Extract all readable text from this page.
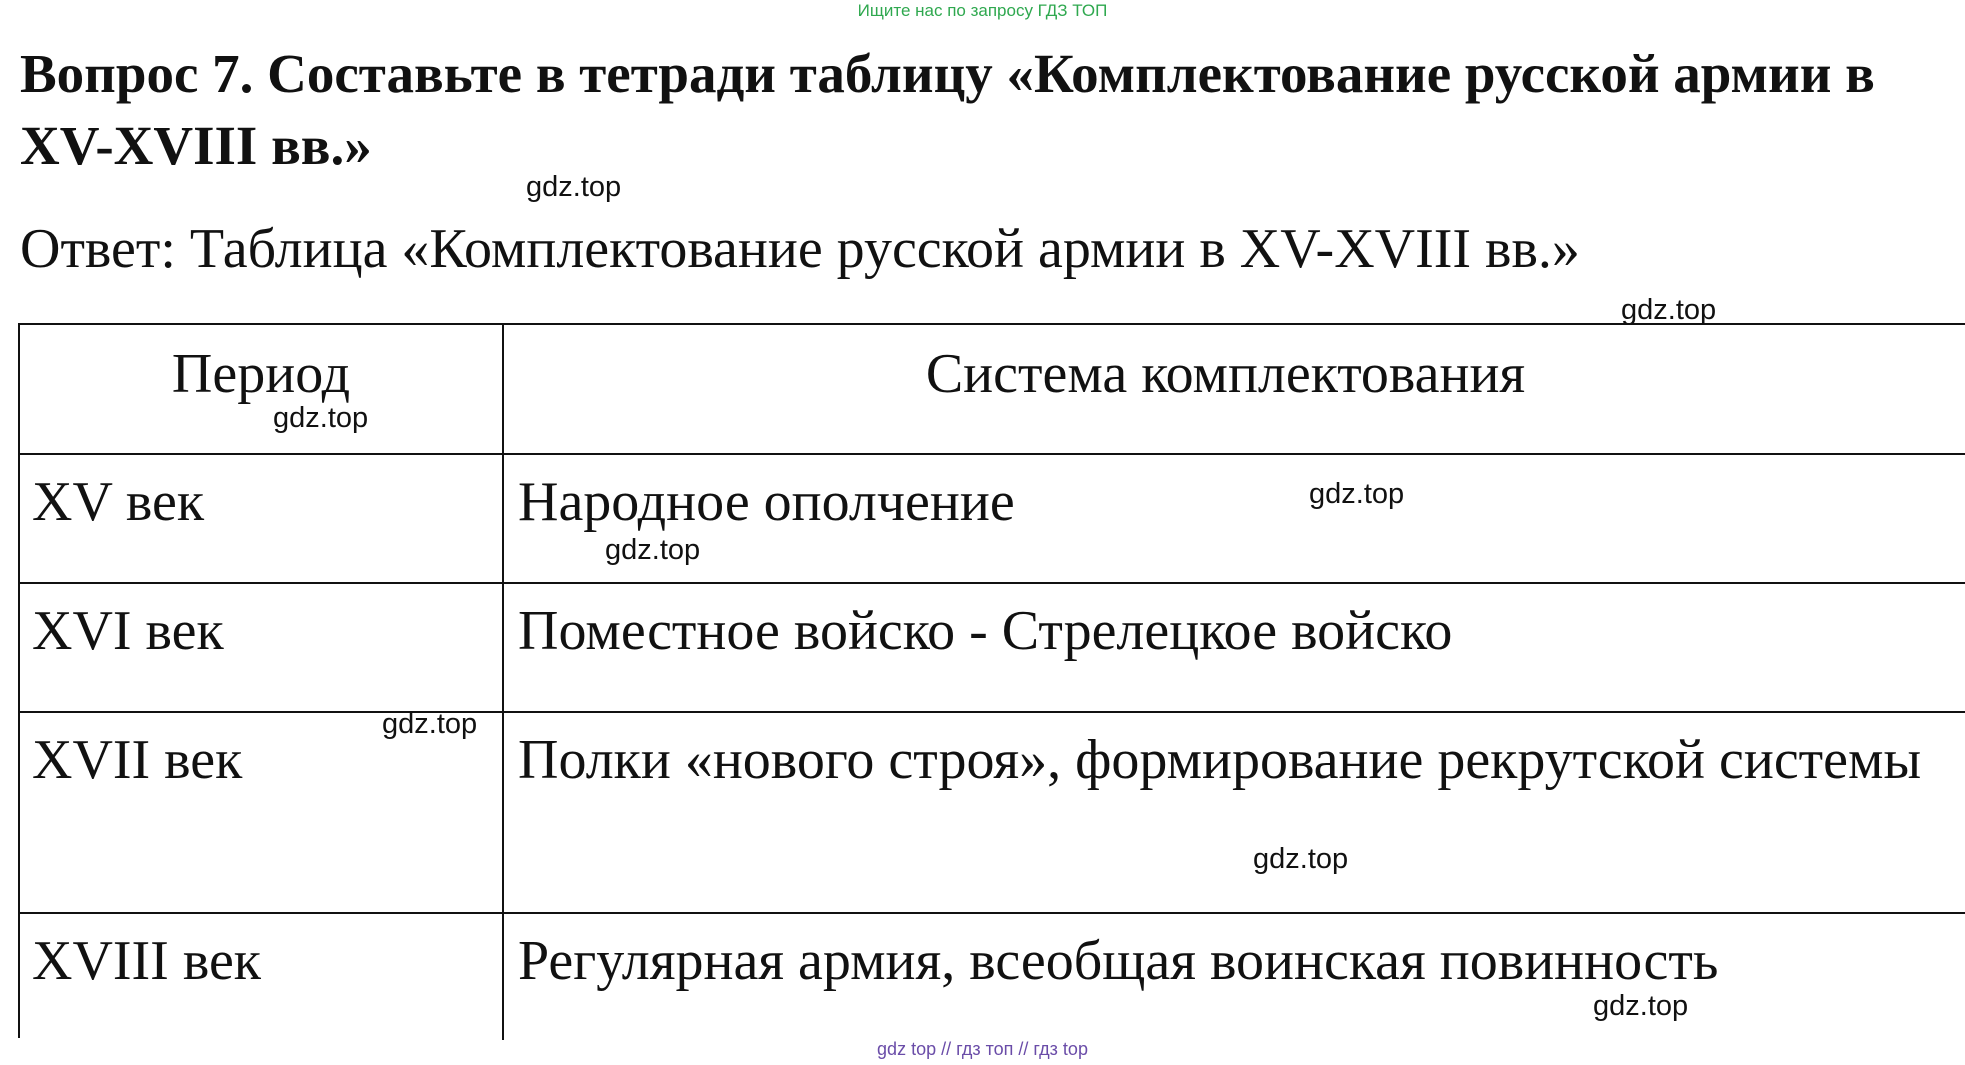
Ищите нас по запросу ГДЗ ТОП
Вопрос 7. Составьте в тетради таблицу «Комплектование русской армии в XV-XVIII вв.»
gdz.top
Ответ: Таблица «Комплектование русской армии в XV-XVIII вв.»
gdz.top
Период	Система комплектования
XV век	Народное ополчение
XVI век	Поместное войско - Стрелецкое войско
XVII век	Полки «нового строя», формирование рекрутской системы
XVIII век	Регулярная армия, всеобщая воинская повинность
gdz.top
gdz.top
gdz.top
gdz.top
gdz.top
gdz.top
gdz top // гдз топ // гдз top
